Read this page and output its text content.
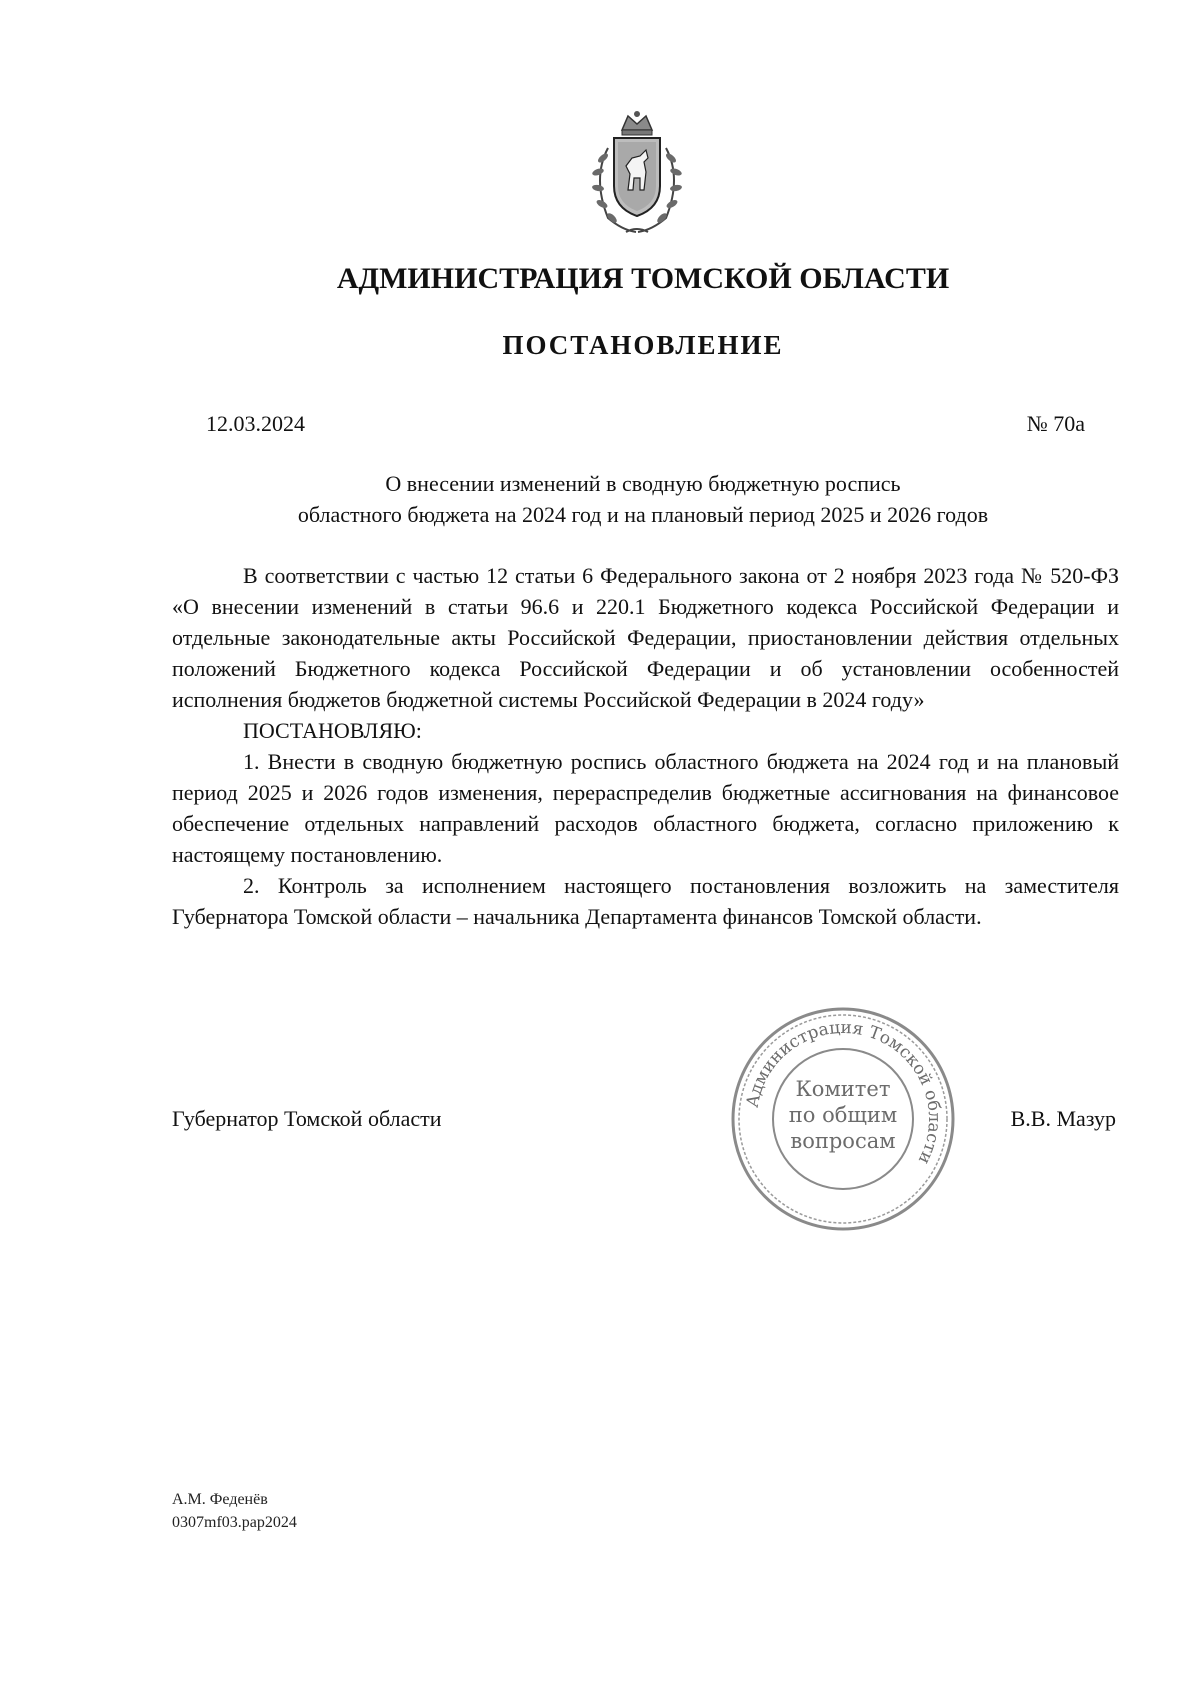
АДМИНИСТРАЦИЯ ТОМСКОЙ ОБЛАСТИ
ПОСТАНОВЛЕНИЕ
12.03.2024	№ 70а
О внесении изменений в сводную бюджетную роспись
областного бюджета на 2024 год и на плановый период 2025 и 2026 годов

В соответствии с частью 12 статьи 6 Федерального закона от 2 ноября 2023 года № 520-ФЗ «О внесении изменений в статьи 96.6 и 220.1 Бюджетного кодекса Российской Федерации и отдельные законодательные акты Российской Федерации, приостановлении действия отдельных положений Бюджетного кодекса Российской Федерации и об установлении особенностей исполнения бюджетов бюджетной системы Российской Федерации в 2024 году»

ПОСТАНОВЛЯЮ:

1. Внести в сводную бюджетную роспись областного бюджета на 2024 год и на плановый период 2025 и 2026 годов изменения, перераспределив бюджетные ассигнования на финансовое обеспечение отдельных направлений расходов областного бюджета, согласно приложению к настоящему постановлению.

2. Контроль за исполнением настоящего постановления возложить на заместителя Губернатора Томской области – начальника Департамента финансов Томской области.

Губернатор Томской области
Администрация Томской области
Комитет
по общим
вопросам
В.В. Мазур
А.М. Феденёв
0307mf03.pap2024
